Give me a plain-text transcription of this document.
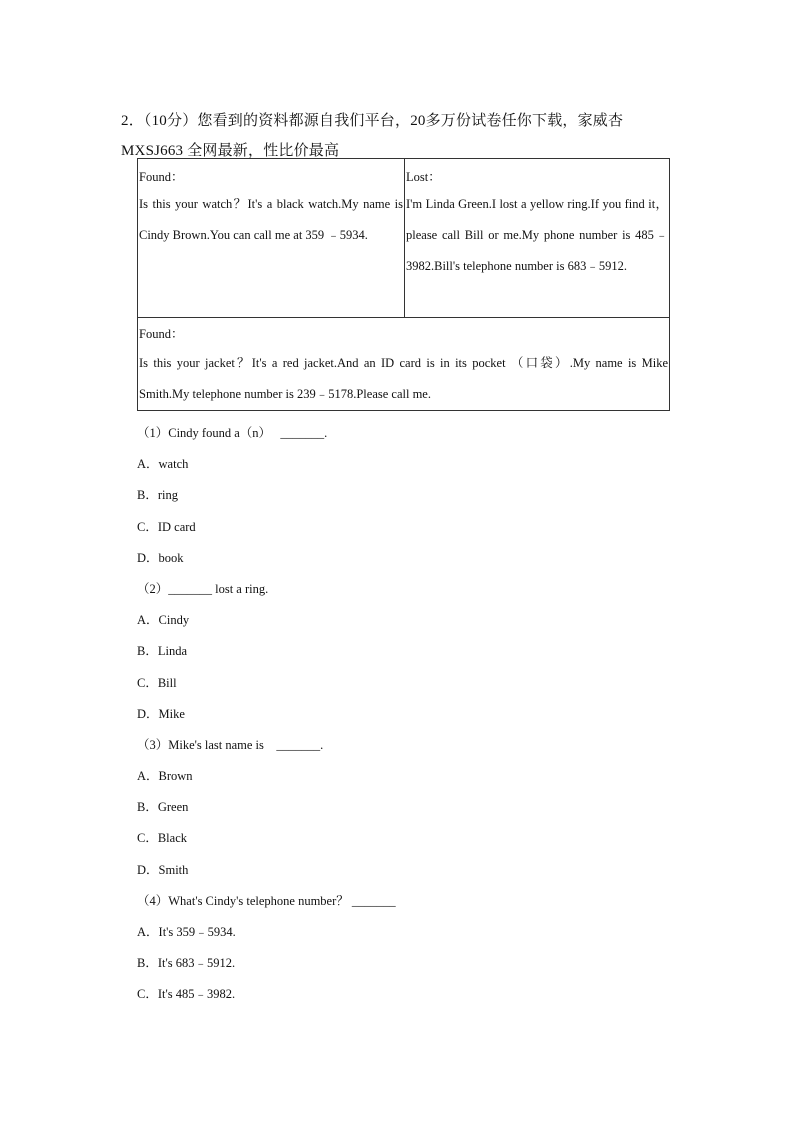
2．（10分）您看到的资料都源自我们平台，20多万份试卷任你下载，家威杏
MXSJ663 全网最新，性比价最高
Found：
Is this your watch？It's a black watch.My name is Cindy Brown.You can call me at 359 ﹣5934.	
Lost：
I'm Linda Green.I lost a yellow ring.If you find it，please call Bill or me.My phone number is 485﹣3982.Bill's telephone number is 683﹣5912.

Found：
Is this your jacket？It's a red jacket.And an ID card is in its pocket （口袋）.My name is Mike Smith.My telephone number is 239﹣5178.Please call me.
（1）Cindy found a（n）   _______.
A．watch
B．ring
C．ID card
D．book
（2）_______ lost a ring.
A．Cindy
B．Linda
C．Bill
D．Mike
（3）Mike's last name is    _______.
A．Brown
B．Green
C．Black
D．Smith
（4）What's Cindy's telephone number？ _______
A．It's 359﹣5934.
B．It's 683﹣5912.
C．It's 485﹣3982.
